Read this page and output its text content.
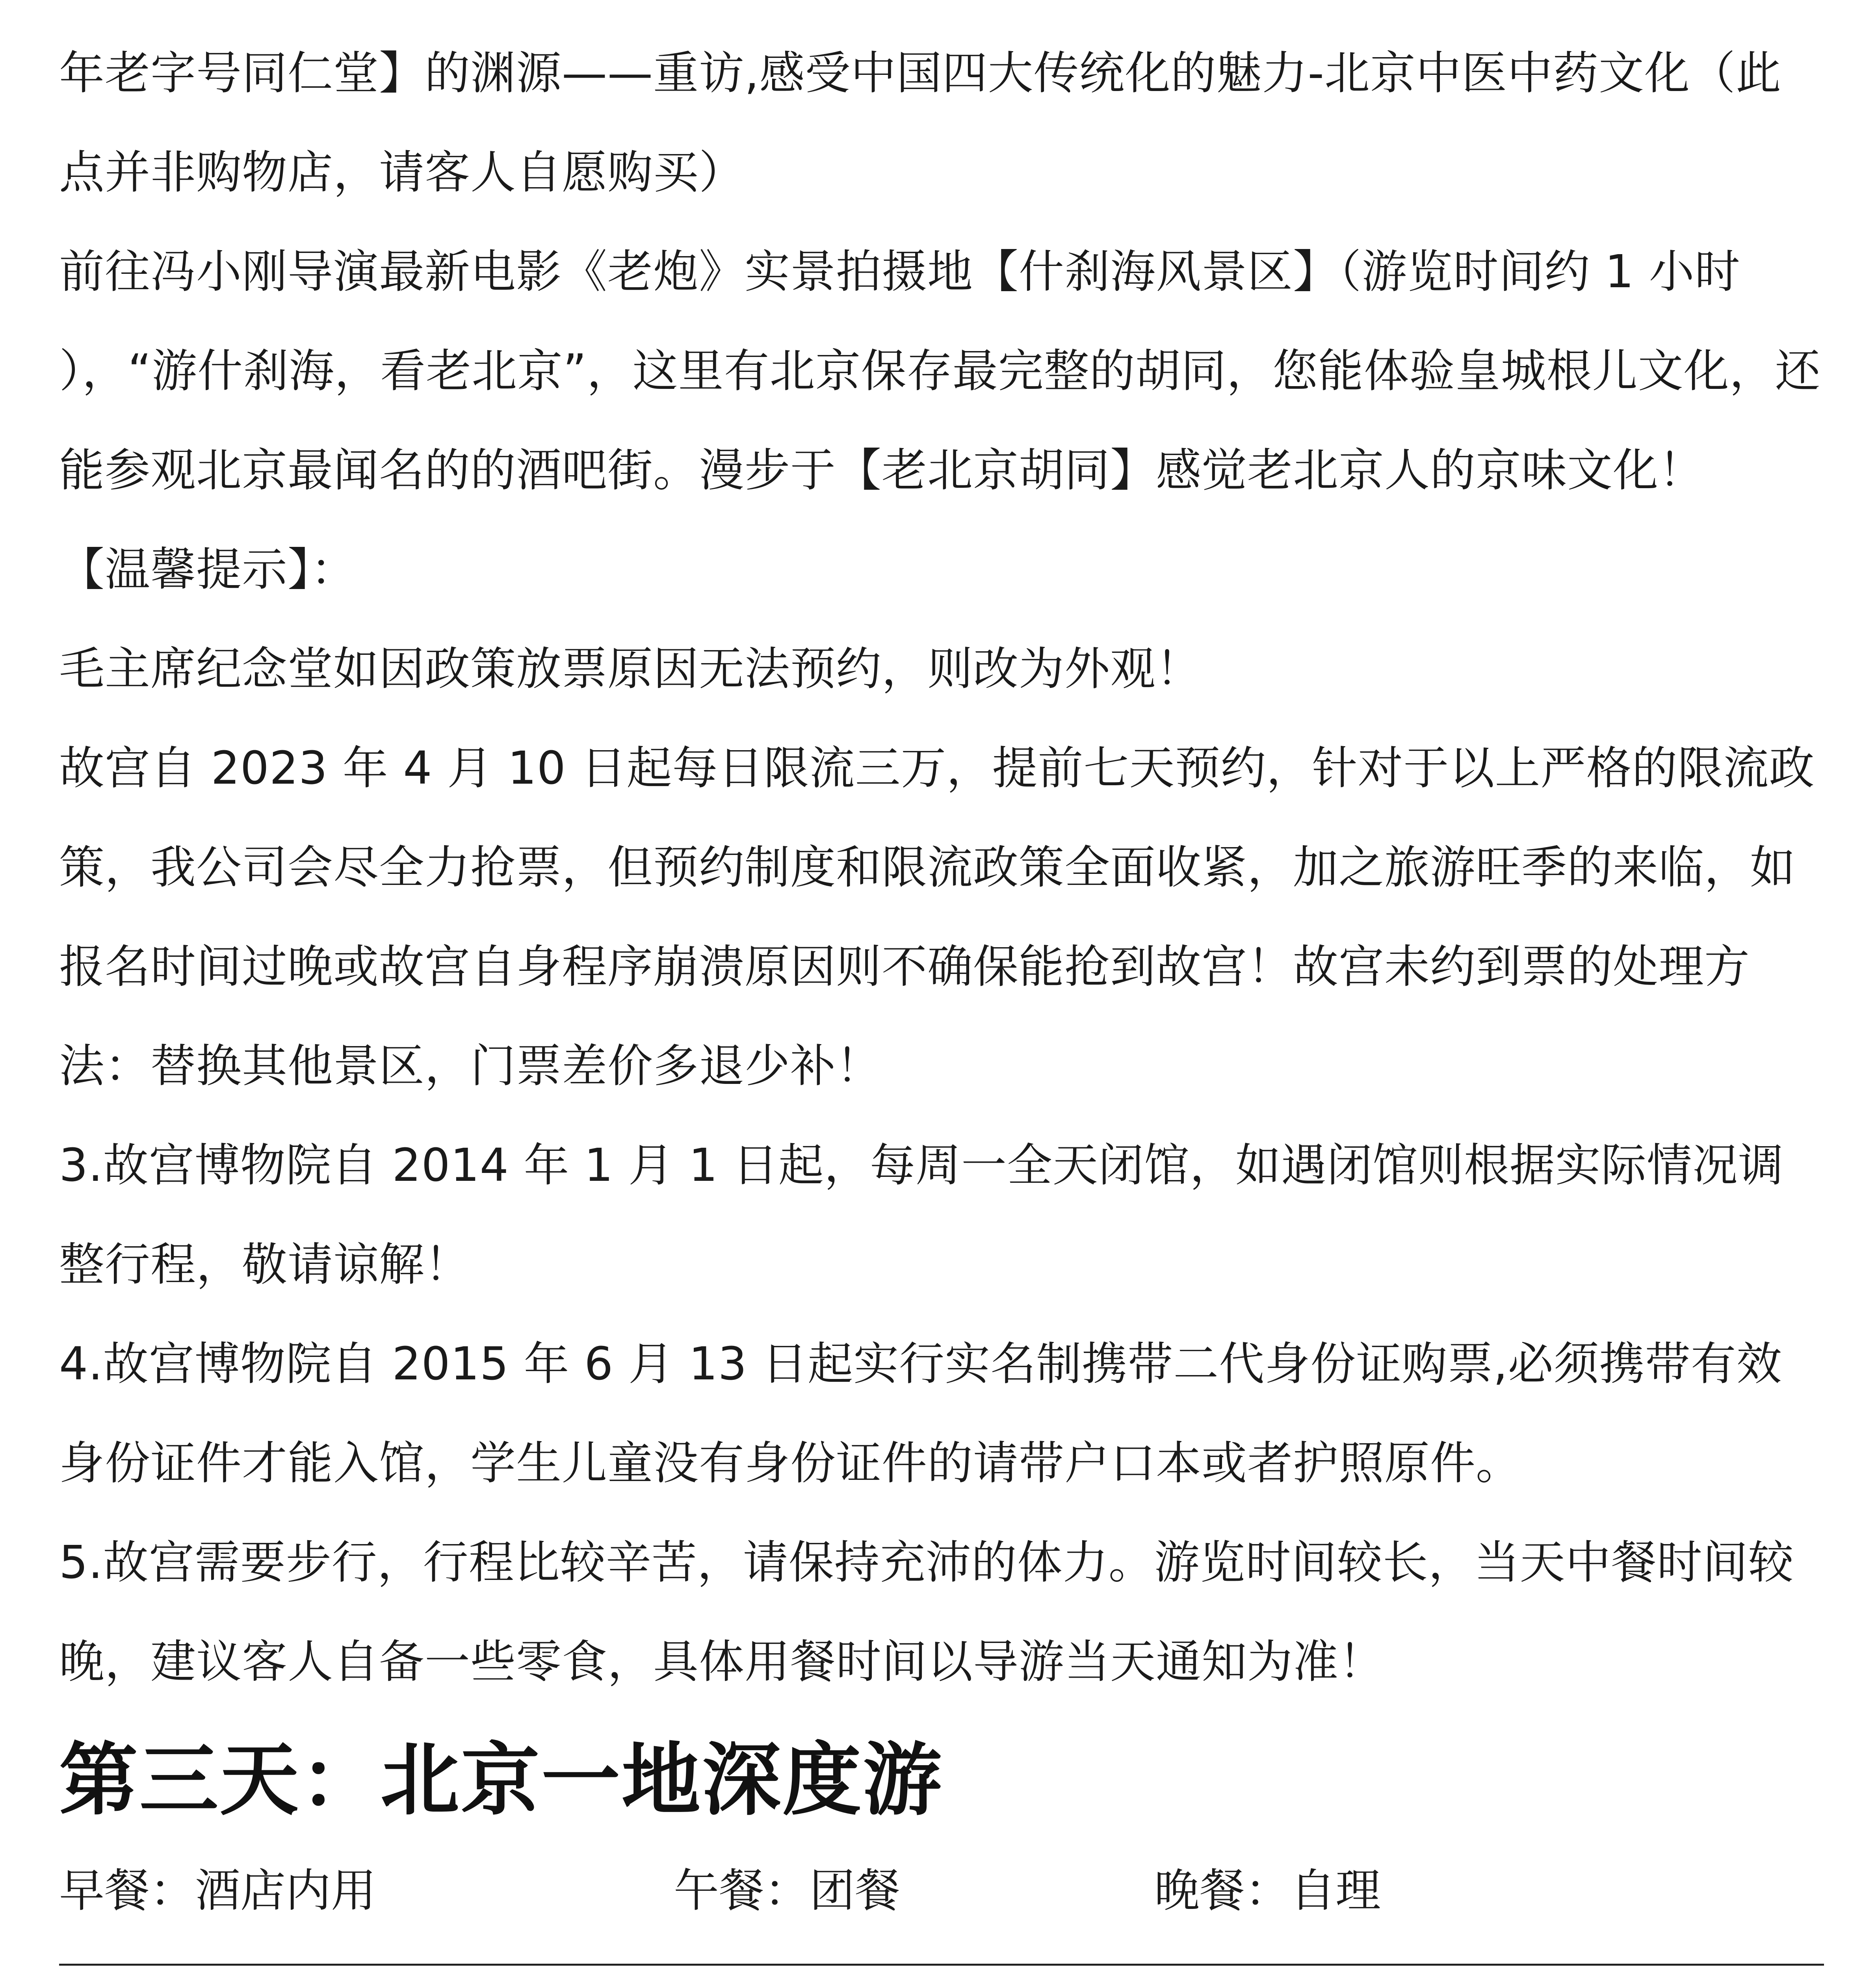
年老字号同仁堂】的渊源——重访,感受中国四大传统化的魅力-北京中医中药文化（此点并非购物店，请客人自愿购买）

前往冯小刚导演最新电影《老炮》实景拍摄地【什刹海风景区】（游览时间约 1 小时 ），“游什刹海，看老北京”，这里有北京保存最完整的胡同，您能体验皇城根儿文化，还能参观北京最闻名的的酒吧街。漫步于【老北京胡同】感觉老北京人的京味文化！

【温馨提示】：

毛主席纪念堂如因政策放票原因无法预约，则改为外观！

故宫自 2023 年 4 月 10 日起每日限流三万，提前七天预约，针对于以上严格的限流政策，我公司会尽全力抢票，但预约制度和限流政策全面收紧，加之旅游旺季的来临，如报名时间过晚或故宫自身程序崩溃原因则不确保能抢到故宫！故宫未约到票的处理方法：替换其他景区，门票差价多退少补！

3.故宫博物院自 2014 年 1 月 1 日起，每周一全天闭馆，如遇闭馆则根据实际情况调整行程，敬请谅解！

4.故宫博物院自 2015 年 6 月 13 日起实行实名制携带二代身份证购票,必须携带有效身份证件才能入馆，学生儿童没有身份证件的请带户口本或者护照原件。

5.故宫需要步行，行程比较辛苦，请保持充沛的体力。游览时间较长，当天中餐时间较晚，建议客人自备一些零食，具体用餐时间以导游当天通知为准！

第三天：北京一地深度游
早餐：酒店内用	午餐：团餐	晚餐：自理
